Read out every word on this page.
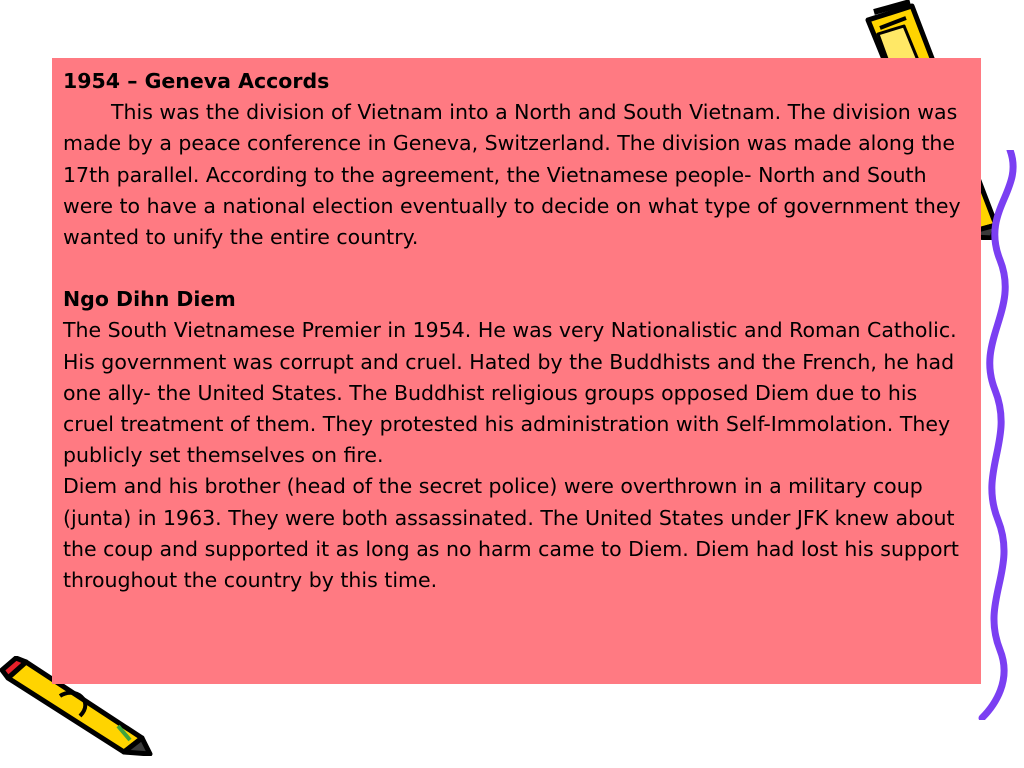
1954 – Geneva Accords

This was the division of Vietnam into a North and South Vietnam. The division was made by a peace conference in Geneva, Switzerland. The division was made along the 17th parallel. According to the agreement, the Vietnamese people- North and South were to have a national election eventually to decide on what type of government they wanted to unify the entire country.

Ngo Dihn Diem

The South Vietnamese Premier in 1954. He was very Nationalistic and Roman Catholic. His government was corrupt and cruel. Hated by the Buddhists and the French, he had one ally- the United States. The Buddhist religious groups opposed Diem due to his cruel treatment of them. They protested his administration with Self-Immolation. They publicly set themselves on fire.

Diem and his brother (head of the secret police) were overthrown in a military coup (junta) in 1963. They were both assassinated. The United States under JFK knew about the coup and supported it as long as no harm came to Diem. Diem had lost his support throughout the country by this time.
